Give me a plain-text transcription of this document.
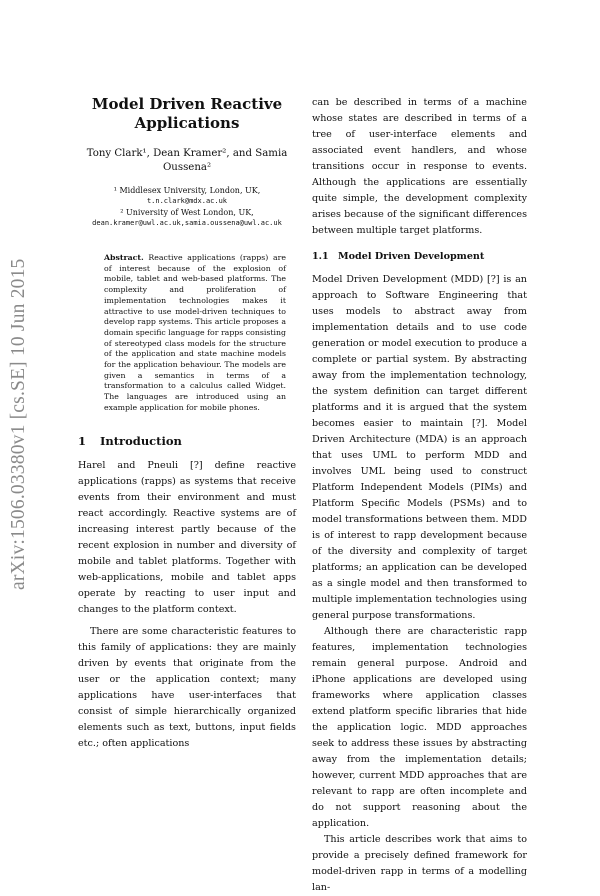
arXiv:1506.03380v1 [cs.SE] 10 Jun 2015
Model Driven Reactive Applications
Tony Clark¹, Dean Kramer², and Samia Oussena²

¹ Middlesex University, London, UK,

t.n.clark@mdx.ac.uk

² University of West London, UK,

dean.kramer@uwl.ac.uk,samia.oussena@uwl.ac.uk

Abstract. Reactive applications (rapps) are of interest because of the explosion of mobile, tablet and web-based platforms. The complexity and proliferation of implementation technologies makes it attractive to use model-driven techniques to develop rapp systems. This article proposes a domain specific language for rapps consisting of stereotyped class models for the structure of the application and state machine models for the application behaviour. The models are given a semantics in terms of a transformation to a calculus called Widget. The languages are introduced using an example application for mobile phones.
1 Introduction

Harel and Pneuli [?] define reactive applications (rapps) as systems that receive events from their environment and must react accordingly. Reactive systems are of increasing interest partly because of the recent explosion in number and diversity of mobile and tablet platforms. Together with web-applications, mobile and tablet apps operate by reacting to user input and changes to the platform context.

There are some characteristic features to this family of applications: they are mainly driven by events that originate from the user or the application context; many applications have user-interfaces that consist of simple hierarchically organized elements such as text, buttons, input fields etc.; often applications

can be described in terms of a machine whose states are described in terms of a tree of user-interface elements and associated event handlers, and whose transitions occur in response to events. Although the applications are essentially quite simple, the development complexity arises because of the significant differences between multiple target platforms.

1.1 Model Driven Development

Model Driven Development (MDD) [?] is an approach to Software Engineering that uses models to abstract away from implementation details and to use code generation or model execution to produce a complete or partial system. By abstracting away from the implementation technology, the system definition can target different platforms and it is argued that the system becomes easier to maintain [?]. Model Driven Architecture (MDA) is an approach that uses UML to perform MDD and involves UML being used to construct Platform Independent Models (PIMs) and Platform Specific Models (PSMs) and to model transformations between them. MDD is of interest to rapp development because of the diversity and complexity of target platforms; an application can be developed as a single model and then transformed to multiple implementation technologies using general purpose transformations.

Although there are characteristic rapp features, implementation technologies remain general purpose. Android and iPhone applications are developed using frameworks where application classes extend platform specific libraries that hide the application logic. MDD approaches seek to address these issues by abstracting away from the implementation details; however, current MDD approaches that are relevant to rapp are often incomplete and do not support reasoning about the application.

This article describes work that aims to provide a precisely defined framework for model-driven rapp in terms of a modelling lan-
